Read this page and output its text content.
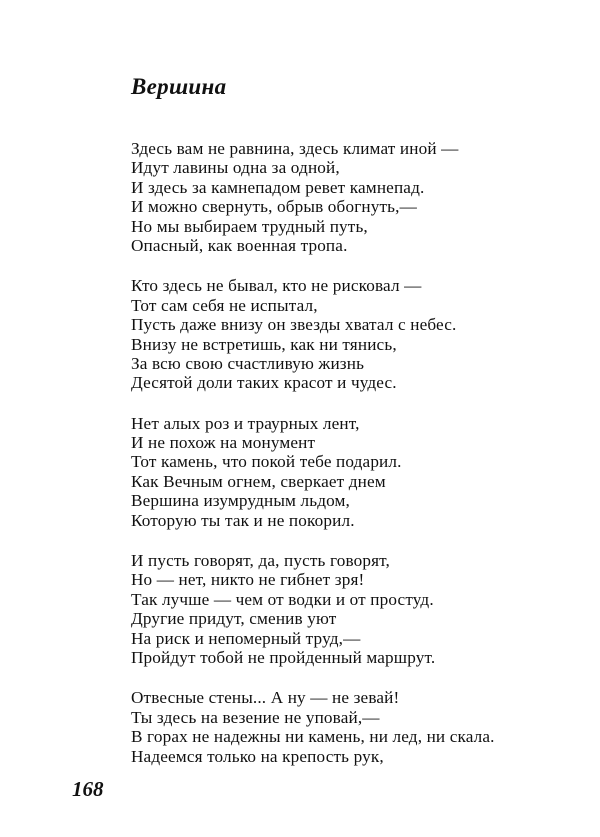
Вершина
Здесь вам не равнина, здесь климат иной —
Идут лавины одна за одной,
И здесь за камнепадом ревет камнепад.
И можно свернуть, обрыв обогнуть,—
Но мы выбираем трудный путь,
Опасный, как военная тропа.
Кто здесь не бывал, кто не рисковал —
Тот сам себя не испытал,
Пусть даже внизу он звезды хватал с небес.
Внизу не встретишь, как ни тянись,
За всю свою счастливую жизнь
Десятой доли таких красот и чудес.
Нет алых роз и траурных лент,
И не похож на монумент
Тот камень, что покой тебе подарил.
Как Вечным огнем, сверкает днем
Вершина изумрудным льдом,
Которую ты так и не покорил.
И пусть говорят, да, пусть говорят,
Но — нет, никто не гибнет зря!
Так лучше — чем от водки и от простуд.
Другие придут, сменив уют
На риск и непомерный труд,—
Пройдут тобой не пройденный маршрут.
Отвесные стены... А ну — не зевай!
Ты здесь на везение не уповай,—
В горах не надежны ни камень, ни лед, ни скала.
Надеемся только на крепость рук,

168
